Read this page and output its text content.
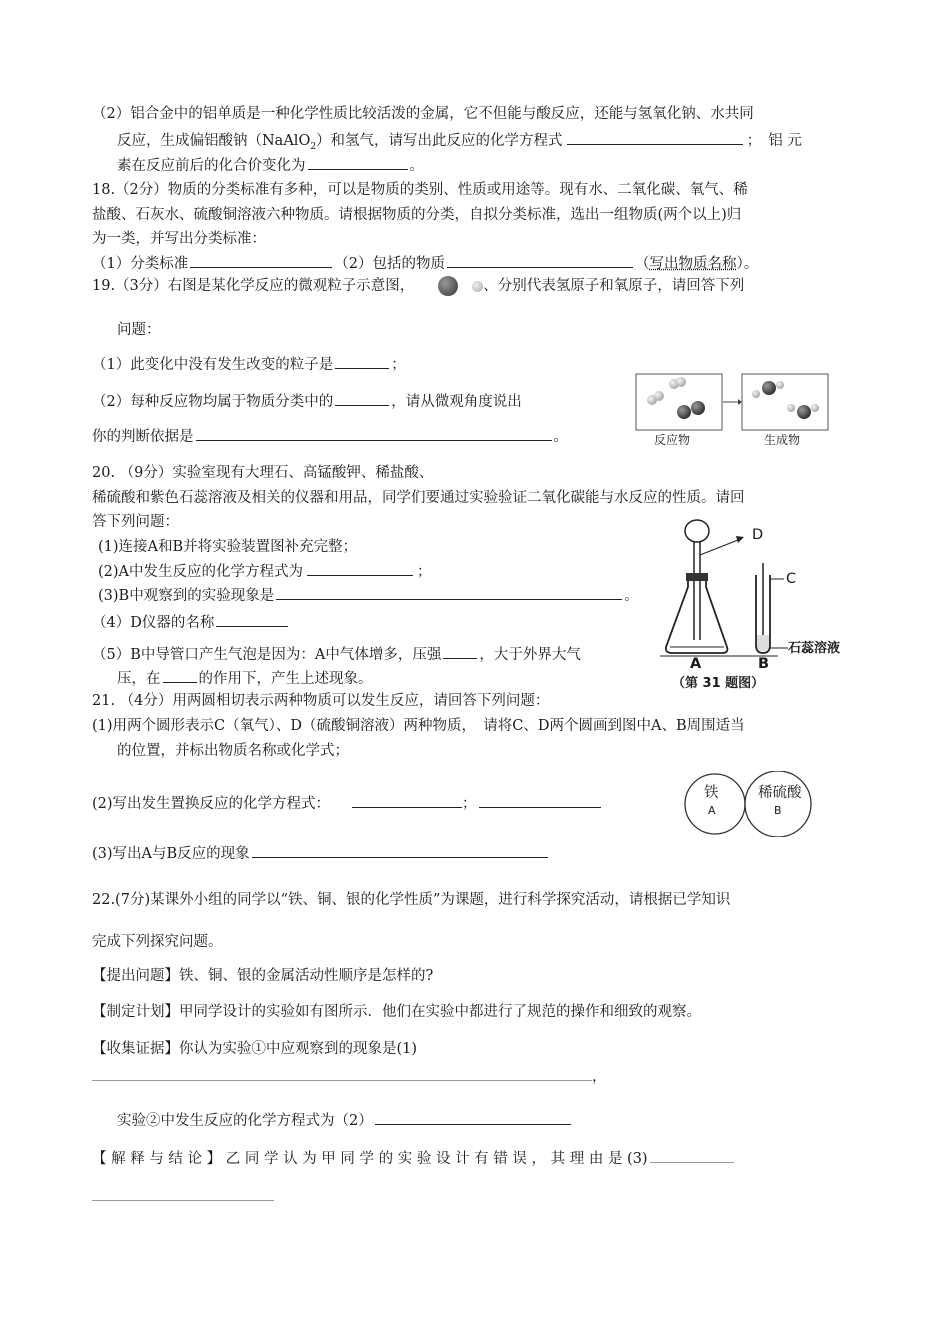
（2）铝合金中的铝单质是一种化学性质比较活泼的金属，它不但能与酸反应，还能与氢氧化钠、水共同
反应，生成偏铝酸钠（NaAlO$_2$）和氢气，请写出此反应的化学方程式	；　铝 元
素在反应前后的化合价变化为	。
18.（2分）物质的分类标准有多种，可以是物质的类别、性质或用途等。现有水、二氧化碳、氧气、稀
盐酸、石灰水、硫酸铜溶液六种物质。请根据物质的分类，自拟分类标准，选出一组物质(两个以上)归
为一类，并写出分类标准：
（1）分类标准	（2）包括的物质	（写出物质名称）。
19.（3分）右图是某化学反应的微观粒子示意图，	、分别代表氢原子和氧原子，请回答下列
问题：
（1）此变化中没有发生改变的粒子是	；
（2）每种反应物均属于物质分类中的	，请从微观角度说出
你的判断依据是	。	反应物	生成物
20. （9分）实验室现有大理石、高锰酸钾、稀盐酸、
稀硫酸和紫色石蕊溶液及相关的仪器和用品，同学们要通过实验验证二氧化碳能与水反应的性质。请回
答下列问题：
(1)连接A和B并将实验装置图补充完整；
(2)A中发生反应的化学方程式为	；
(3)B中观察到的实验现象是	。
（4）D仪器的名称
（5）B中导管口产生气泡是因为：A中气体增多，压强	，大于外界大气
压，在	的作用下，产生上述现象。
D
C
A	B
石蕊溶液
（第 31 题图）
21. （4分）用两圆相切表示两种物质可以发生反应，请回答下列问题：
(1)用两个圆形表示C（氧气）、D（硫酸铜溶液）两种物质，　请将C、D两个圆画到图中A、B周围适当
的位置，并标出物质名称或化学式；
(2)写出发生置换反应的化学方程式：	；
(3)写出A与B反应的现象
铁
A
稀硫酸
B
22.(7分)某课外小组的同学以“铁、铜、银的化学性质”为课题，进行科学探究活动，请根据已学知识
完成下列探究问题。
【提出问题】铁、铜、银的金属活动性顺序是怎样的?
【制定计划】甲同学设计的实验如有图所示．他们在实验中都进行了规范的操作和细致的观察。
【收集证据】你认为实验①中应观察到的现象是(1)
，
实验②中发生反应的化学方程式为（2）
【 解 释 与 结 论 】 乙 同 学 认 为 甲 同 学 的 实 验 设 计 有 错 误 ， 其 理 由 是 (3)
